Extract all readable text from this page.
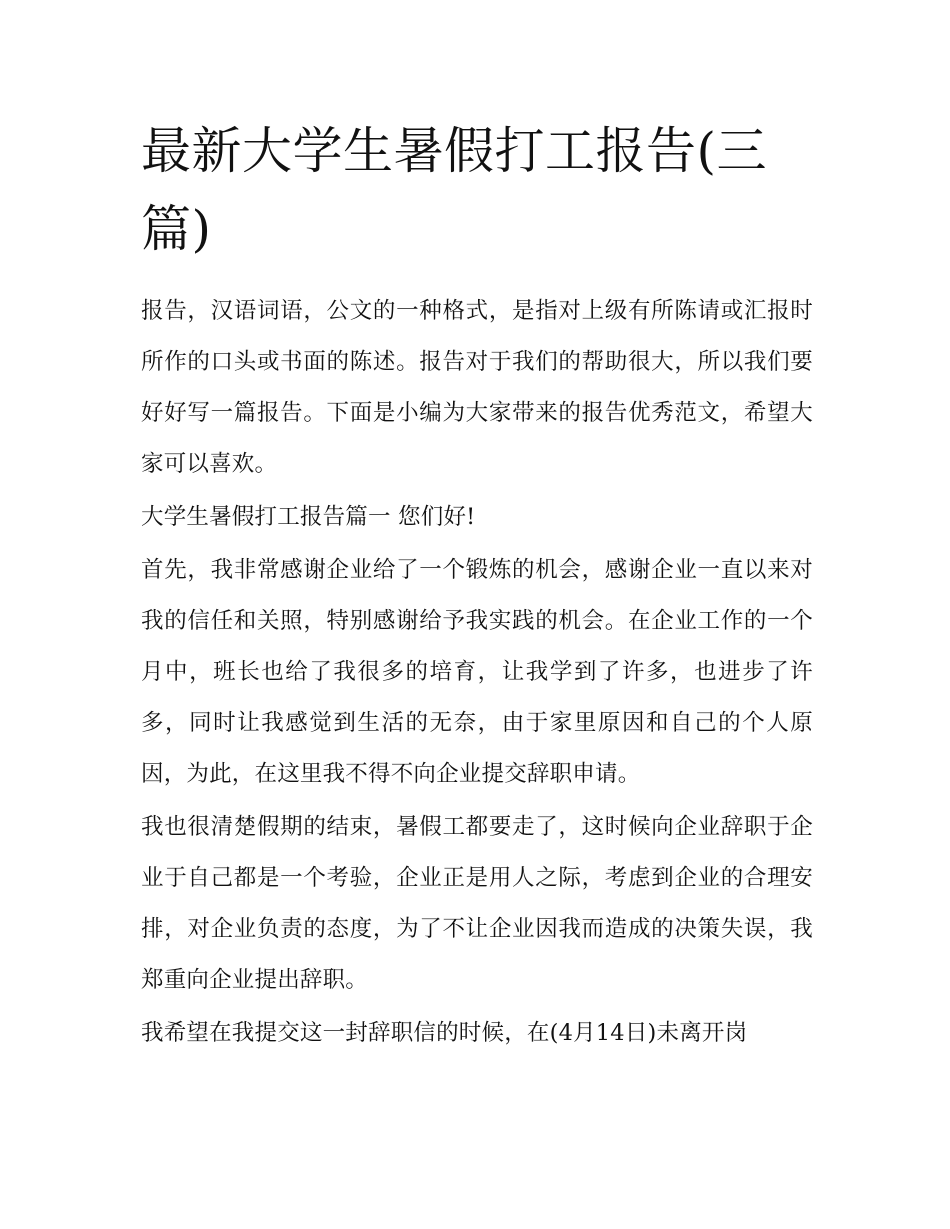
最新大学生暑假打工报告(三篇)

报告，汉语词语，公文的一种格式，是指对上级有所陈请或汇报时所作的口头或书面的陈述。报告对于我们的帮助很大，所以我们要好好写一篇报告。下面是小编为大家带来的报告优秀范文，希望大家可以喜欢。

大学生暑假打工报告篇一 您们好!

首先，我非常感谢企业给了一个锻炼的机会，感谢企业一直以来对我的信任和关照，特别感谢给予我实践的机会。在企业工作的一个月中，班长也给了我很多的培育，让我学到了许多，也进步了许多，同时让我感觉到生活的无奈，由于家里原因和自己的个人原因，为此，在这里我不得不向企业提交辞职申请。

我也很清楚假期的结束，暑假工都要走了，这时候向企业辞职于企业于自己都是一个考验，企业正是用人之际，考虑到企业的合理安排，对企业负责的态度，为了不让企业因我而造成的决策失误，我郑重向企业提出辞职。

我希望在我提交这一封辞职信的时候，在(4月14日)未离开岗
